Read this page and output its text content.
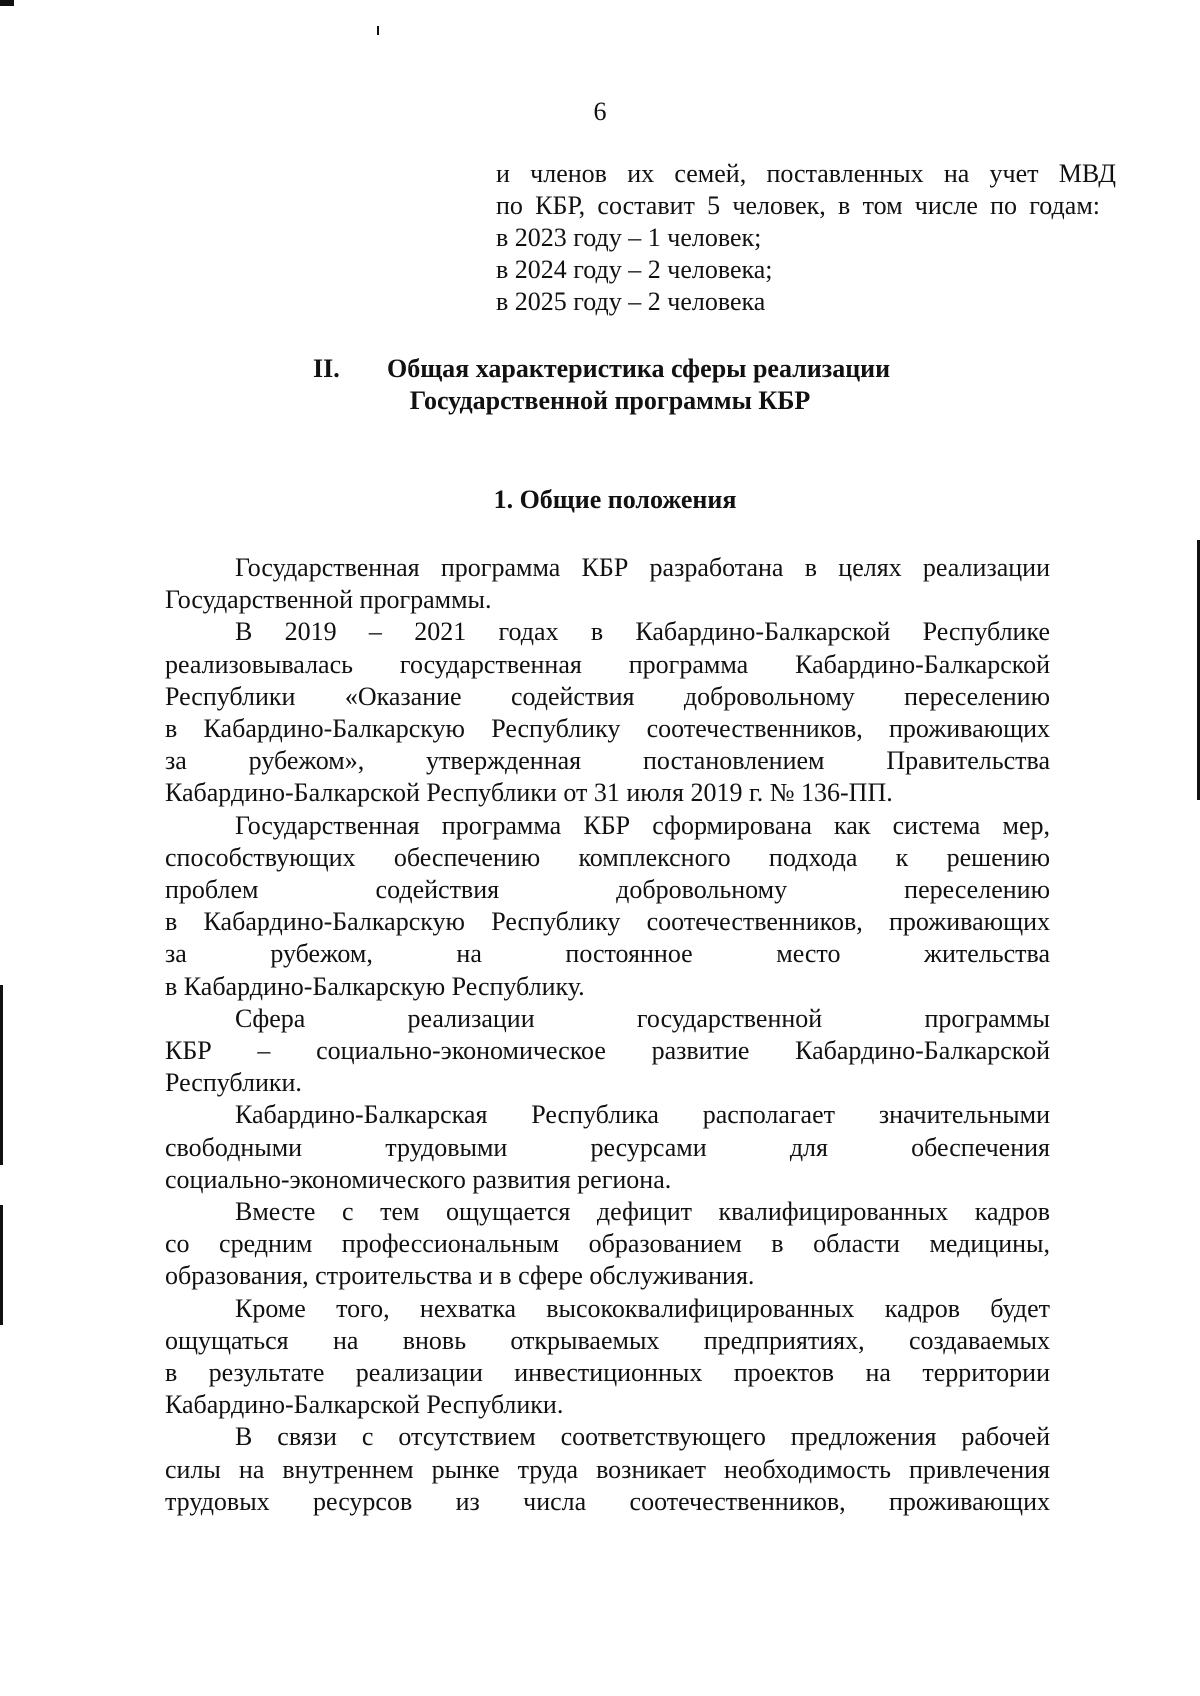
6
и членов их семей, поставленных на учет МВД
по КБР, составит 5 человек, в том числе по годам:
в 2023 году – 1 человек;
в 2024 году – 2 человека;
в 2025 году – 2 человека
II. Общая характеристика сферы реализации
Государственной программы КБР
1. Общие положения
Государственная программа КБР разработана в целях реализации
Государственной программы.
В 2019 – 2021 годах в Кабардино-Балкарской Республике
реализовывалась государственная программа Кабардино-Балкарской
Республики «Оказание содействия добровольному переселению
в Кабардино-Балкарскую Республику соотечественников, проживающих
за рубежом», утвержденная постановлением Правительства
Кабардино-Балкарской Республики от 31 июля 2019 г. № 136-ПП.
Государственная программа КБР сформирована как система мер,
способствующих обеспечению комплексного подхода к решению
проблем содействия добровольному переселению
в Кабардино-Балкарскую Республику соотечественников, проживающих
за рубежом, на постоянное место жительства
в Кабардино-Балкарскую Республику.
Сфера реализации государственной программы
КБР – социально-экономическое развитие Кабардино-Балкарской
Республики.
Кабардино-Балкарская Республика располагает значительными
свободными трудовыми ресурсами для обеспечения
социально-экономического развития региона.
Вместе с тем ощущается дефицит квалифицированных кадров
со средним профессиональным образованием в области медицины,
образования, строительства и в сфере обслуживания.
Кроме того, нехватка высококвалифицированных кадров будет
ощущаться на вновь открываемых предприятиях, создаваемых
в результате реализации инвестиционных проектов на территории
Кабардино-Балкарской Республики.
В связи с отсутствием соответствующего предложения рабочей
силы на внутреннем рынке труда возникает необходимость привлечения
трудовых ресурсов из числа соотечественников, проживающих
